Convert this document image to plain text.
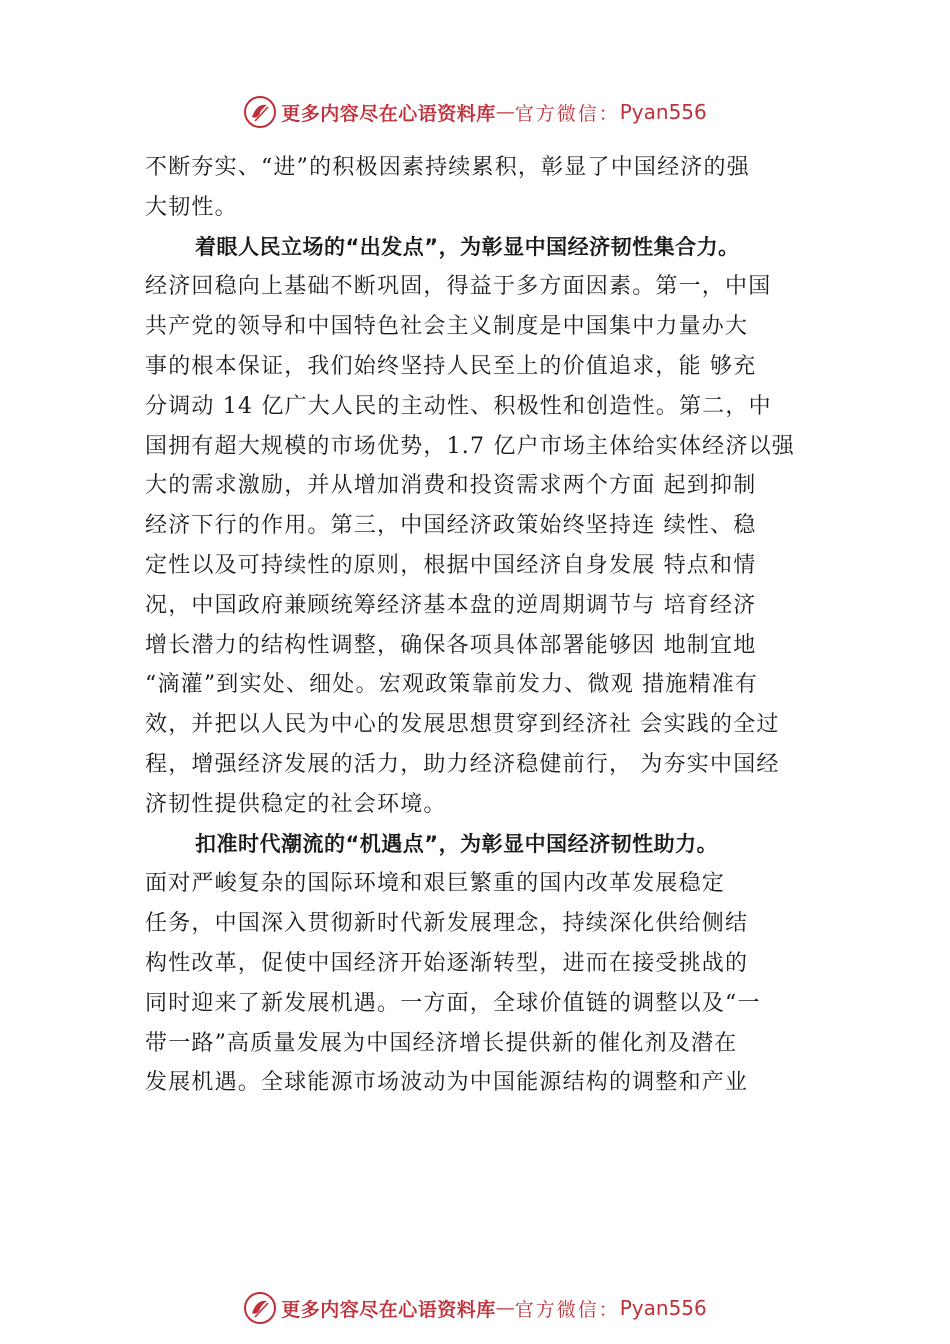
更多内容尽在心语资料库 — 官方微信： Pyan556
不断夯实、“进”的积极因素持续累积，彰显了中国经济的强
大韧性。
着眼人民立场的“出发点”，为彰显中国经济韧性集合力。
经济回稳向上基础不断巩固，得益于多方面因素。第一，中国
共产党的领导和中国特色社会主义制度是中国集中力量办大
事的根本保证，我们始终坚持人民至上的价值追求，能 够充
分调动 14 亿广大人民的主动性、积极性和创造性。第二，中
国拥有超大规模的市场优势，1.7 亿户市场主体给实体经济以强
大的需求激励，并从增加消费和投资需求两个方面 起到抑制
经济下行的作用。第三，中国经济政策始终坚持连 续性、稳
定性以及可持续性的原则，根据中国经济自身发展 特点和情
况，中国政府兼顾统筹经济基本盘的逆周期调节与 培育经济
增长潜力的结构性调整，确保各项具体部署能够因 地制宜地
“滴灌”到实处、细处。宏观政策靠前发力、微观 措施精准有
效，并把以人民为中心的发展思想贯穿到经济社 会实践的全过
程，增强经济发展的活力，助力经济稳健前行， 为夯实中国经
济韧性提供稳定的社会环境。
扣准时代潮流的“机遇点”，为彰显中国经济韧性助力。
面对严峻复杂的国际环境和艰巨繁重的国内改革发展稳定
任务，中国深入贯彻新时代新发展理念，持续深化供给侧结
构性改革，促使中国经济开始逐渐转型，进而在接受挑战的
同时迎来了新发展机遇。一方面，全球价值链的调整以及“一
带一路”高质量发展为中国经济增长提供新的催化剂及潜在
发展机遇。全球能源市场波动为中国能源结构的调整和产业
更多内容尽在心语资料库 — 官方微信： Pyan556
